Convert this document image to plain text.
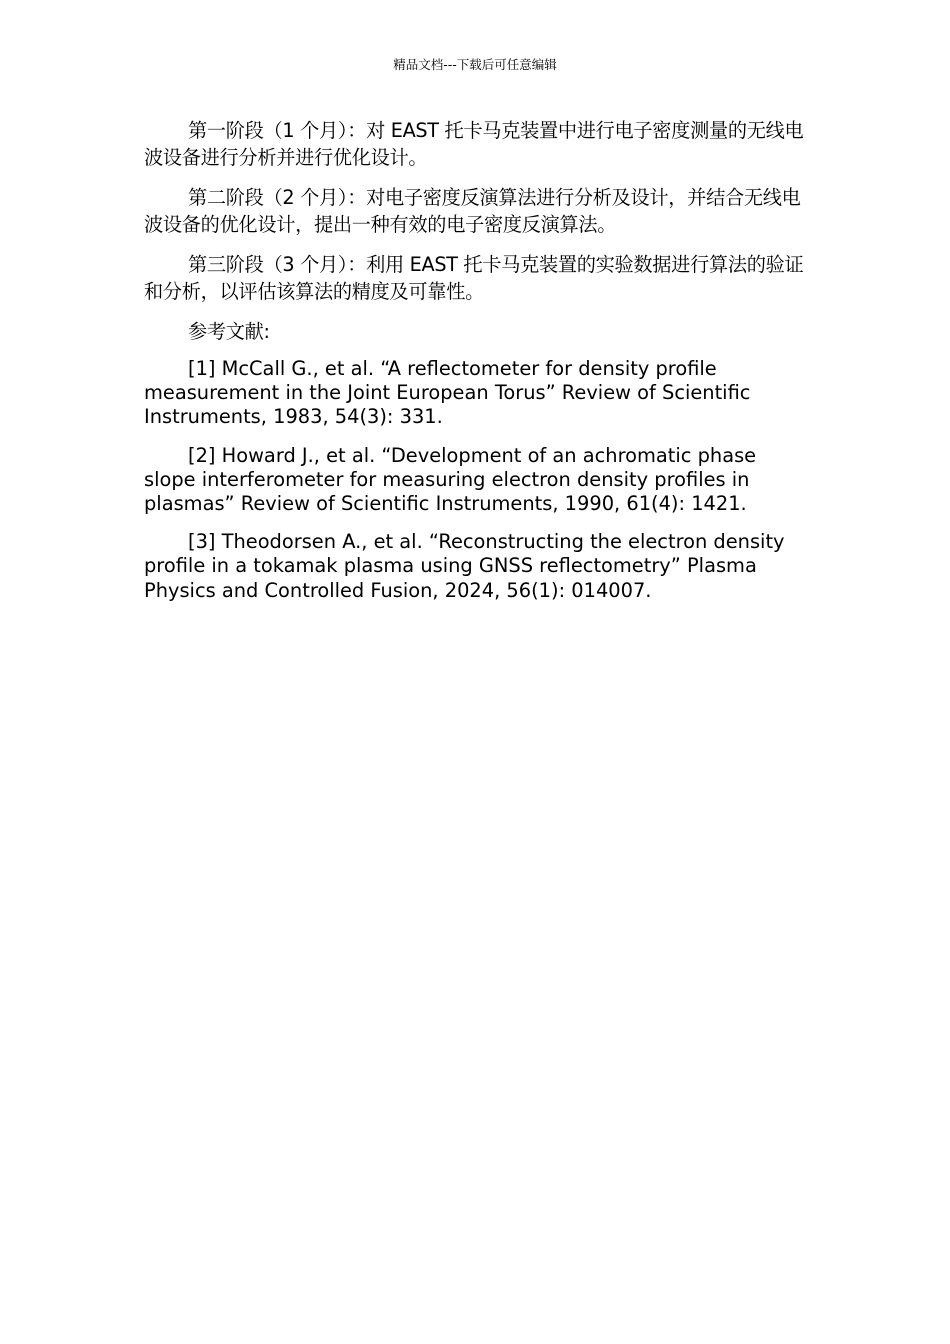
精品文档---下载后可任意编辑

第一阶段（1 个月）：对 EAST 托卡马克装置中进行电子密度测量的无线电波设备进行分析并进行优化设计。

第二阶段（2 个月）：对电子密度反演算法进行分析及设计，并结合无线电波设备的优化设计，提出一种有效的电子密度反演算法。

第三阶段（3 个月）：利用 EAST 托卡马克装置的实验数据进行算法的验证和分析，以评估该算法的精度及可靠性。

参考文献:

[1] McCall G., et al. “A reflectometer for density profile measurement in the Joint European Torus” Review of Scientific Instruments, 1983, 54(3): 331.

[2] Howard J., et al. “Development of an achromatic phase slope interferometer for measuring electron density profiles in plasmas” Review of Scientific Instruments, 1990, 61(4): 1421.

[3] Theodorsen A., et al. “Reconstructing the electron density profile in a tokamak plasma using GNSS reflectometry” Plasma Physics and Controlled Fusion, 2024, 56(1): 014007.
